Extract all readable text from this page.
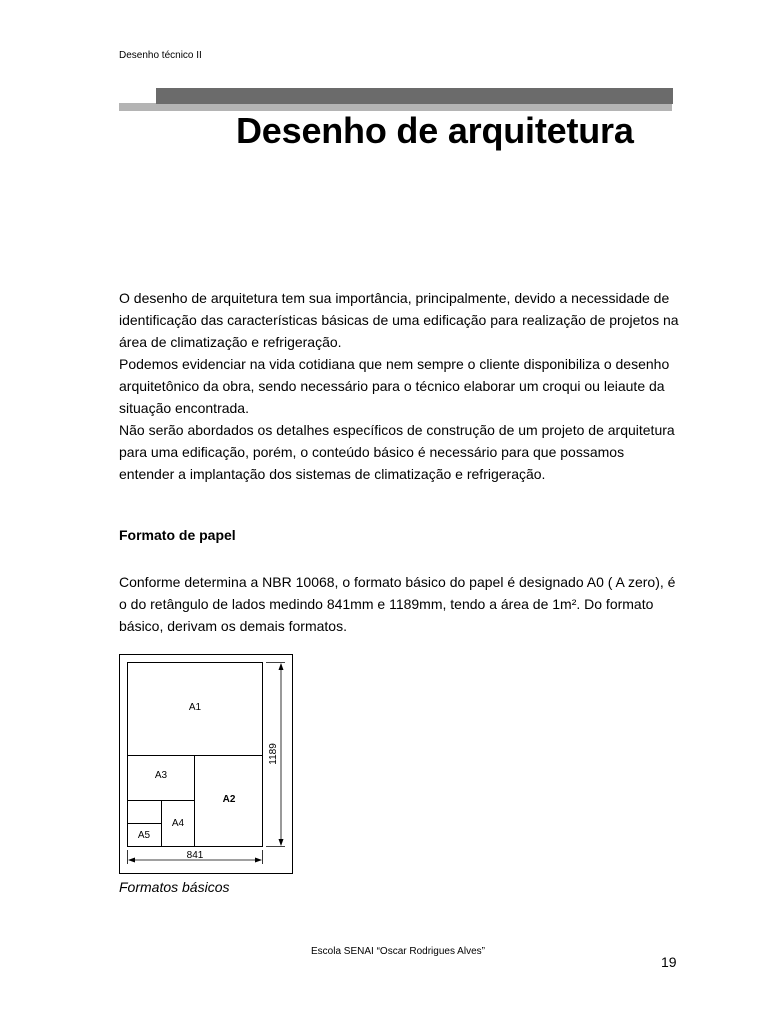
Desenho técnico II
Desenho de arquitetura

O desenho de arquitetura tem sua importância, principalmente, devido a necessidade de identificação das características básicas de uma edificação para realização de projetos na área de climatização e refrigeração.

Podemos evidenciar na vida cotidiana que nem sempre o cliente disponibiliza o desenho arquitetônico da obra, sendo necessário para o técnico elaborar um croqui ou leiaute da situação encontrada.

Não serão abordados os detalhes específicos de construção de um projeto de arquitetura para uma edificação, porém, o conteúdo básico é necessário para que possamos entender a implantação dos sistemas de climatização e refrigeração.

Formato de papel

Conforme determina a NBR 10068, o formato básico do papel é designado A0 ( A zero), é o do retângulo de lados medindo 841mm e 1189mm, tendo a área de 1m². Do formato básico, derivam os demais formatos.

A1
A2
A3
A4
A5
1189
841
Formatos básicos
Escola SENAI “Oscar Rodrigues Alves”
19
